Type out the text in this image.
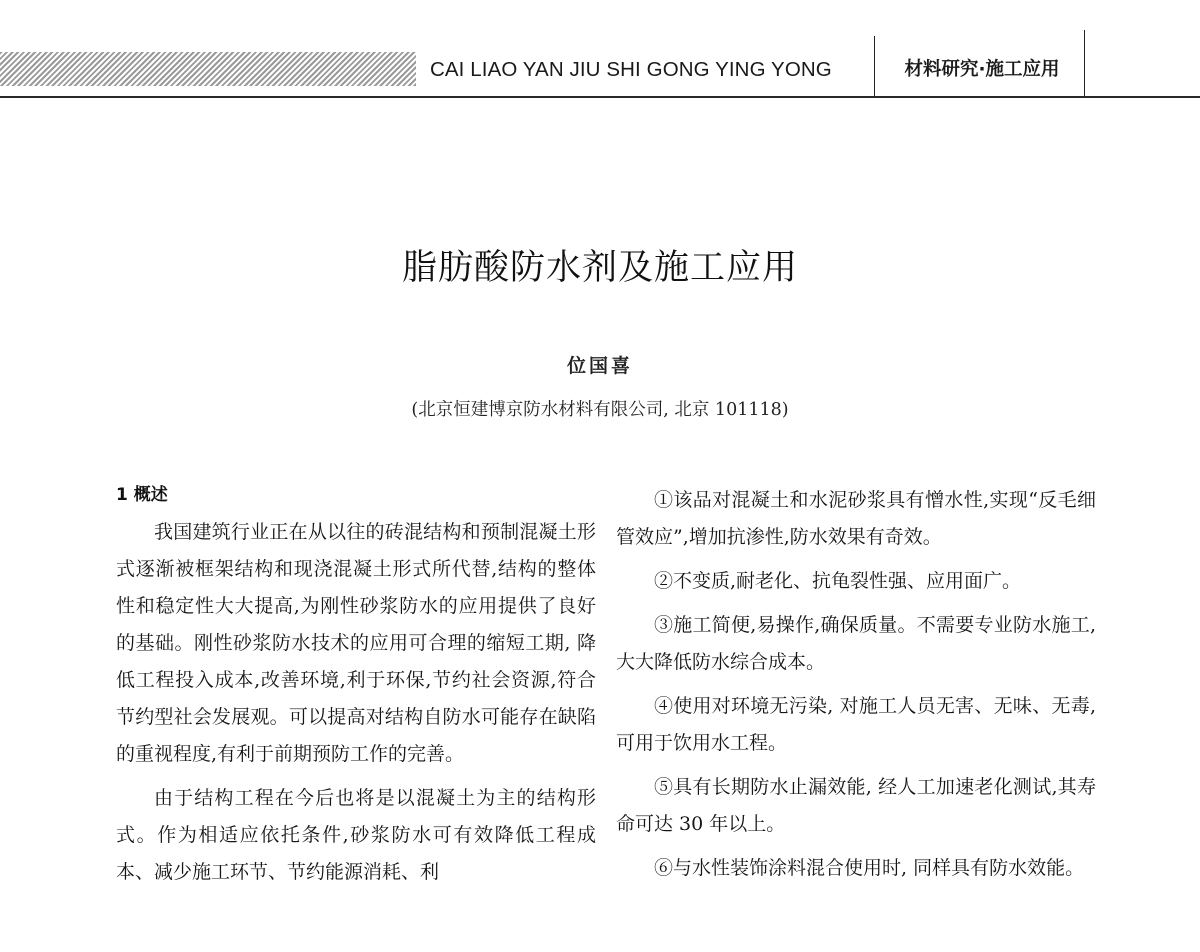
CAI LIAO YAN JIU SHI GONG YING YONG	材料研究·施工应用
脂肪酸防水剂及施工应用
位国喜
(北京恒建博京防水材料有限公司, 北京 101118)
1 概述

我国建筑行业正在从以往的砖混结构和预制混凝土形式逐渐被框架结构和现浇混凝土形式所代替,结构的整体性和稳定性大大提高,为刚性砂浆防水的应用提供了良好的基础。刚性砂浆防水技术的应用可合理的缩短工期, 降低工程投入成本,改善环境,利于环保,节约社会资源,符合节约型社会发展观。可以提高对结构自防水可能存在缺陷的重视程度,有利于前期预防工作的完善。

由于结构工程在今后也将是以混凝土为主的结构形式。作为相适应依托条件,砂浆防水可有效降低工程成本、减少施工环节、节约能源消耗、利

①该品对混凝土和水泥砂浆具有憎水性,实现“反毛细管效应”,增加抗渗性,防水效果有奇效。

②不变质,耐老化、抗龟裂性强、应用面广。

③施工简便,易操作,确保质量。不需要专业防水施工,大大降低防水综合成本。

④使用对环境无污染, 对施工人员无害、无味、无毒,可用于饮用水工程。

⑤具有长期防水止漏效能, 经人工加速老化测试,其寿命可达 30 年以上。

⑥与水性装饰涂料混合使用时, 同样具有防水效能。
